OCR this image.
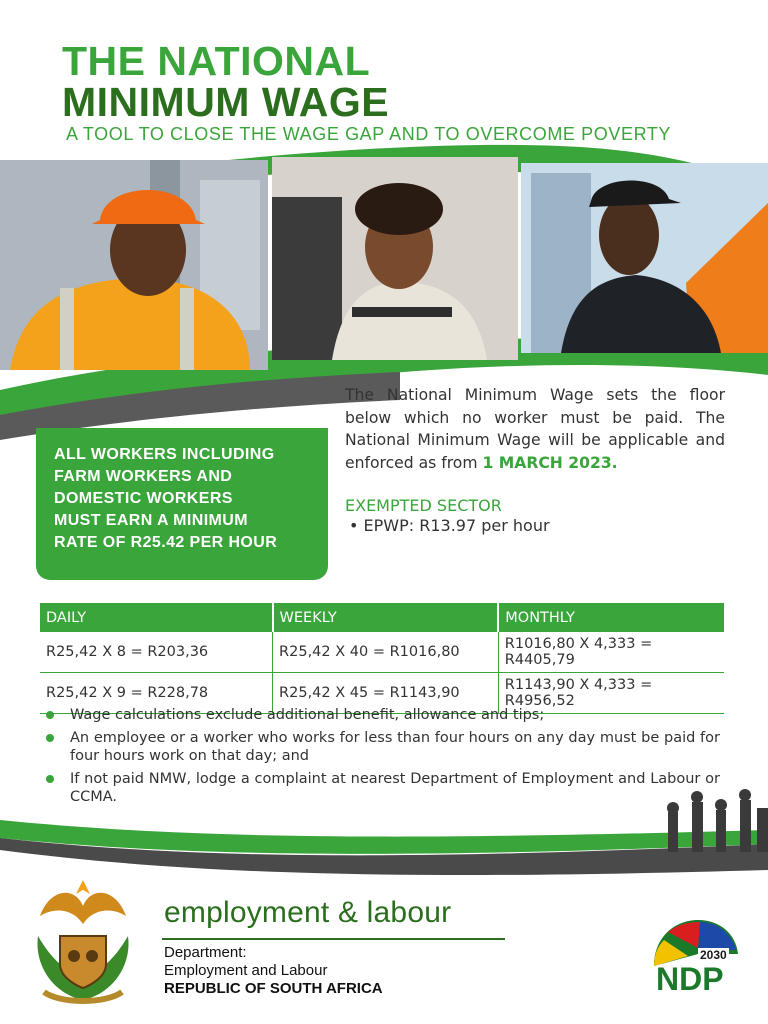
THE NATIONAL
MINIMUM WAGE
A TOOL TO CLOSE THE WAGE GAP AND TO OVERCOME POVERTY
ALL WORKERS INCLUDING
FARM WORKERS AND
DOMESTIC WORKERS
MUST EARN A MINIMUM
RATE OF R25.42 PER HOUR
The National Minimum Wage sets the floor below which no worker must be paid. The National Minimum Wage will be applicable and enforced as from 1 MARCH 2023.
EXEMPTED SECTOR
• EPWP: R13.97 per hour
DAILY	WEEKLY	MONTHLY
R25,42 X 8 = R203,36	R25,42 X 40 = R1016,80	R1016,80 X 4,333 = R4405,79
R25,42 X 9 = R228,78	R25,42 X 45 = R1143,90	R1143,90 X 4,333 = R4956,52
Wage calculations exclude additional benefit, allowance and tips;
An employee or a worker who works for less than four hours on any day must be paid for four hours work on that day; and
If not paid NMW, lodge a complaint at nearest Department of Employment and Labour or CCMA.
employment & labour
Department:
Employment and Labour
REPUBLIC OF SOUTH AFRICA
2030
NDP
